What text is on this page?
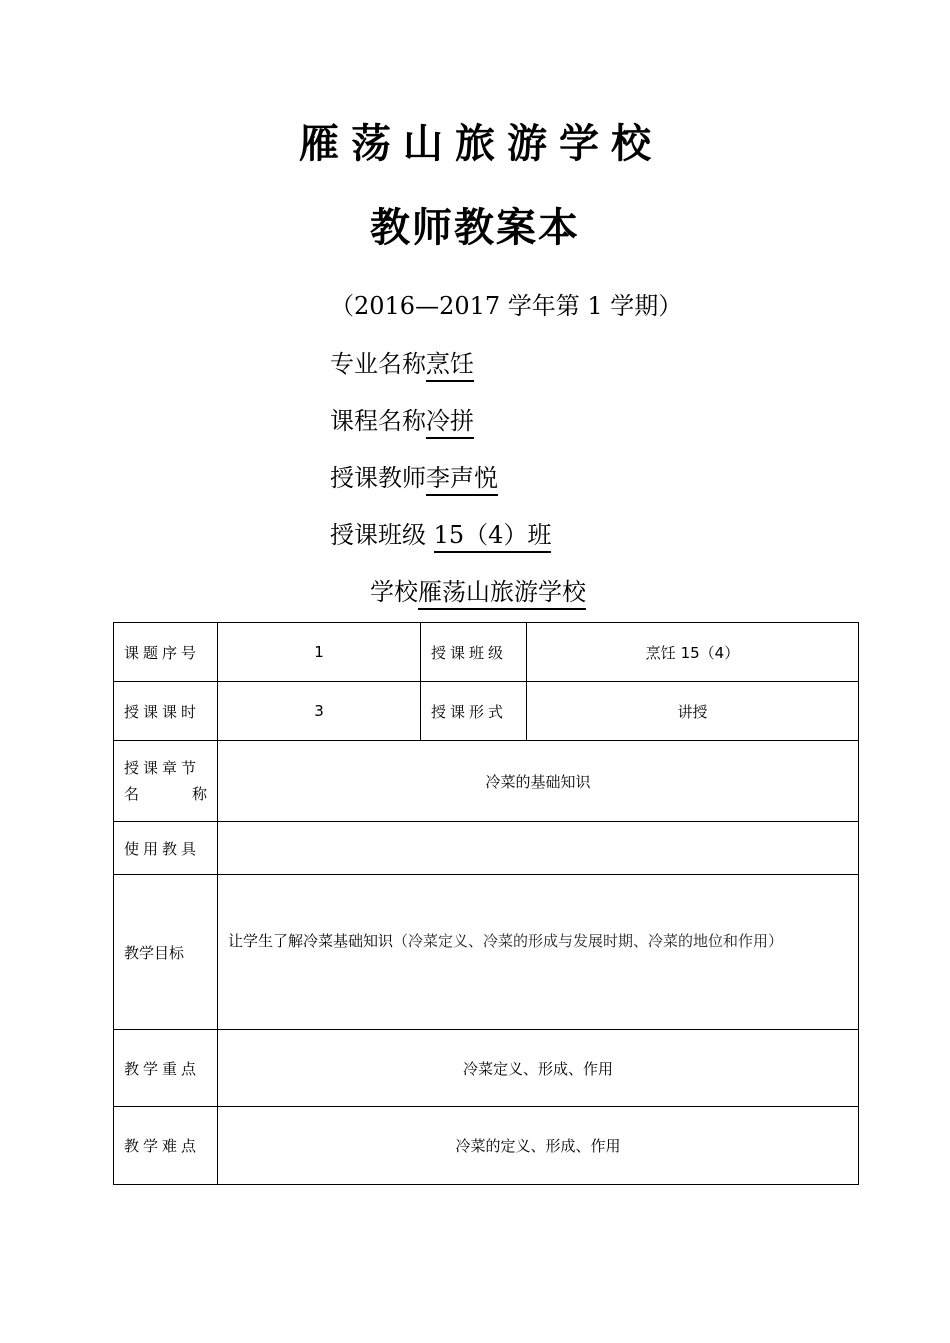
雁荡山旅游学校
教师教案本
（2016—2017 学年第 1 学期）
专业名称烹饪
课程名称冷拼
授课教师李声悦
授课班级 15（4）班
学校雁荡山旅游学校
课题序号	1	授课班级	烹饪 15（4）
授课课时	3	授课形式	讲授

授课章节
名 称	冷菜的基础知识		
使用教具			
教学目标	让学生了解冷菜基础知识（冷菜定义、冷菜的形成与发展时期、冷菜的地位和作用）		

教学重点	冷菜定义、形成、作用		
教学难点	冷菜的定义、形成、作用		
